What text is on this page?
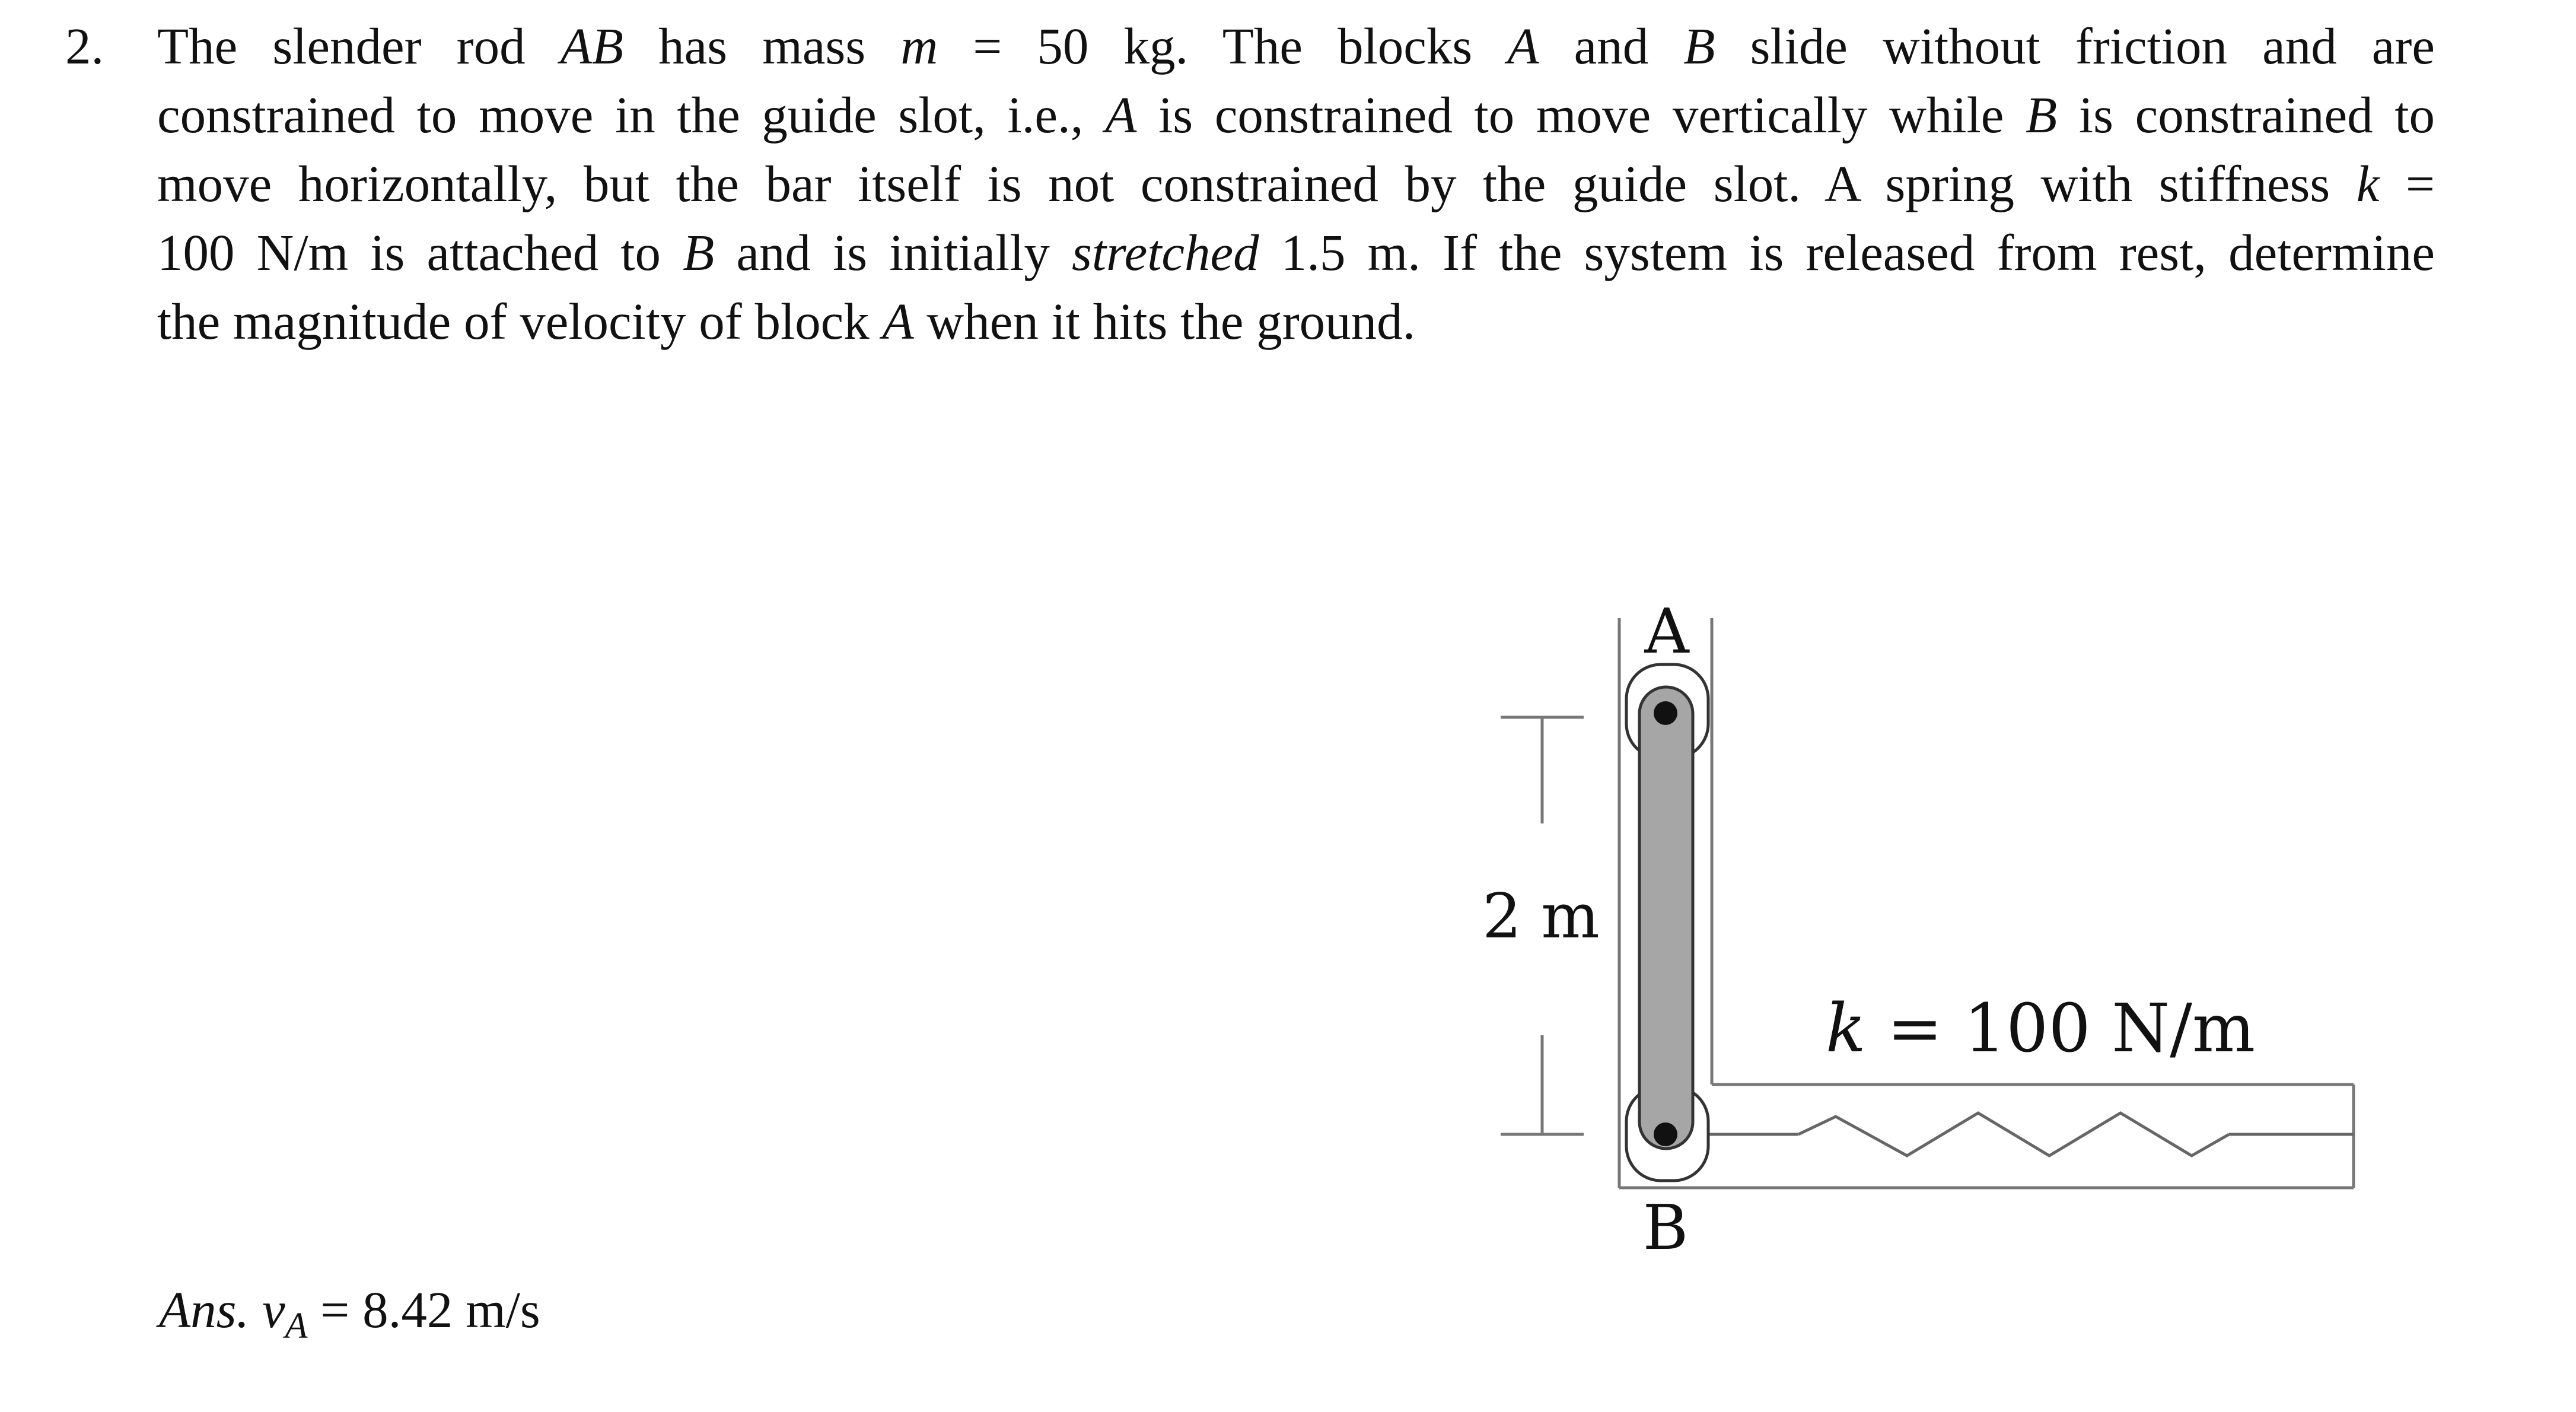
2. The slender rod AB has mass m = 50 kg. The blocks A and B slide without friction and are
constrained to move in the guide slot, i.e., A is constrained to move vertically while B is constrained to
move horizontally, but the bar itself is not constrained by the guide slot. A spring with stiffness k =
100 N/m is attached to B and is initially stretched 1.5 m. If the system is released from rest, determine
the magnitude of velocity of block A when it hits the ground.
2 m
A
B
k = 100 N/m
Ans. $v_A = 8.42$ m/s
